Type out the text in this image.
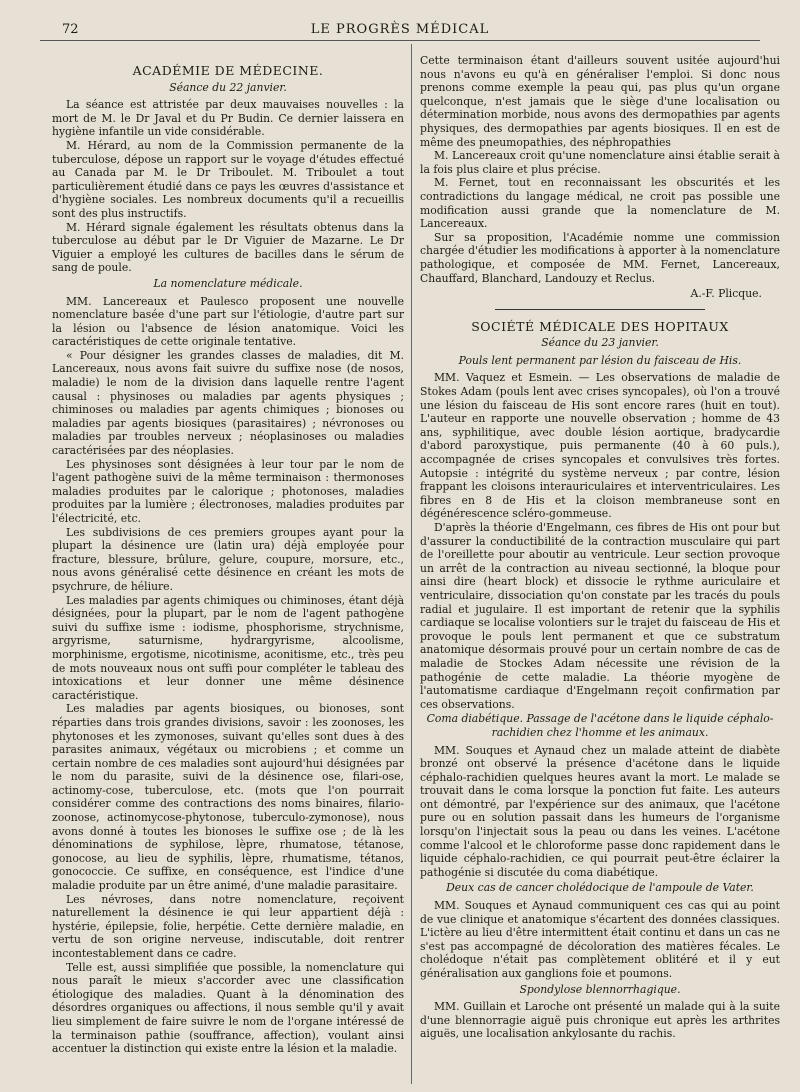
72	LE PROGRÈS MÉDICAL
ACADÉMIE DE MÉDECINE.
Séance du 22 janvier.

La séance est attristée par deux mauvaises nouvelles : la mort de M. le Dr Javal et du Pr Budin. Ce dernier laissera en hygiène infantile un vide considérable.

M. Hérard, au nom de la Commission permanente de la tuberculose, dépose un rapport sur le voyage d'études effectué au Canada par M. le Dr Triboulet. M. Triboulet a tout particulièrement étudié dans ce pays les œuvres d'assistance et d'hygiène sociales. Les nombreux documents qu'il a recueillis sont des plus instructifs.

M. Hérard signale également les résultats obtenus dans la tuberculose au début par le Dr Viguier de Mazarne. Le Dr Viguier a employé les cultures de bacilles dans le sérum de sang de poule.

La nomenclature médicale.

MM. Lancereaux et Paulesco proposent une nouvelle nomenclature basée d'une part sur l'étiologie, d'autre part sur la lésion ou l'absence de lésion anatomique. Voici les caractéristiques de cette originale tentative.

« Pour désigner les grandes classes de maladies, dit M. Lancereaux, nous avons fait suivre du suffixe nose (de nosos, maladie) le nom de la division dans laquelle rentre l'agent causal : physinoses ou maladies par agents physiques ; chiminoses ou maladies par agents chimiques ; bionoses ou maladies par agents biosiques (parasitaires) ; névronoses ou maladies par troubles nerveux ; néoplasinoses ou maladies caractérisées par des néoplasies.

Les physinoses sont désignées à leur tour par le nom de l'agent pathogène suivi de la même terminaison : thermonoses maladies produites par le calorique ; photonoses, maladies produites par la lumière ; électronoses, maladies produites par l'électricité, etc.

Les subdivisions de ces premiers groupes ayant pour la plupart la désinence ure (latin ura) déjà employée pour fracture, blessure, brûlure, gelure, coupure, morsure, etc., nous avons généralisé cette désinence en créant les mots de psychrure, de héliure.

Les maladies par agents chimiques ou chiminoses, étant déjà désignées, pour la plupart, par le nom de l'agent pathogène suivi du suffixe isme : iodisme, phosphorisme, strychnisme, argyrisme, saturnisme, hydrargyrisme, alcoolisme, morphinisme, ergotisme, nicotinisme, aconitisme, etc., très peu de mots nouveaux nous ont suffi pour compléter le tableau des intoxications et leur donner une même désinence caractéristique.

Les maladies par agents biosiques, ou bionoses, sont réparties dans trois grandes divisions, savoir : les zoonoses, les phytonoses et les zymonoses, suivant qu'elles sont dues à des parasites animaux, végétaux ou microbiens ; et comme un certain nombre de ces maladies sont aujourd'hui désignées par le nom du parasite, suivi de la désinence ose, filari-ose, actinomy-cose, tuberculose, etc. (mots que l'on pourrait considérer comme des contractions des noms binaires, filario-zoonose, actinomycose-phytonose, tuberculo-zymonose), nous avons donné à toutes les bionoses le suffixe ose ; de là les dénominations de syphilose, lèpre, rhumatose, tétanose, gonocose, au lieu de syphilis, lèpre, rhumatisme, tétanos, gonococcie. Ce suffixe, en conséquence, est l'indice d'une maladie produite par un être animé, d'une maladie parasitaire.

Les névroses, dans notre nomenclature, reçoivent naturellement la désinence ie qui leur appartient déjà : hystérie, épilepsie, folie, herpétie. Cette dernière maladie, en vertu de son origine nerveuse, indiscutable, doit rentrer incontestablement dans ce cadre.

Telle est, aussi simplifiée que possible, la nomenclature qui nous paraît le mieux s'accorder avec une classification étiologique des maladies. Quant à la dénomination des désordres organiques ou affections, il nous semble qu'il y avait lieu simplement de faire suivre le nom de l'organe intéressé de la terminaison pathie (souffrance, affection), voulant ainsi accentuer la distinction qui existe entre la lésion et la maladie.

Cette terminaison étant d'ailleurs souvent usitée aujourd'hui nous n'avons eu qu'à en généraliser l'emploi. Si donc nous prenons comme exemple la peau qui, pas plus qu'un organe quelconque, n'est jamais que le siège d'une localisation ou détermination morbide, nous avons des dermopathies par agents physiques, des dermopathies par agents biosiques. Il en est de même des pneumopathies, des néphropathies

M. Lancereaux croit qu'une nomenclature ainsi établie serait à la fois plus claire et plus précise.

M. Fernet, tout en reconnaissant les obscurités et les contradictions du langage médical, ne croit pas possible une modification aussi grande que la nomenclature de M. Lancereaux.

Sur sa proposition, l'Académie nomme une commission chargée d'étudier les modifications à apporter à la nomenclature pathologique, et composée de MM. Fernet, Lancereaux, Chauffard, Blanchard, Landouzy et Reclus.

A.-F. Plicque.
SOCIÉTÉ MÉDICALE DES HOPITAUX
Séance du 23 janvier.
Pouls lent permanent par lésion du faisceau de His.

MM. Vaquez et Esmein. — Les observations de maladie de Stokes Adam (pouls lent avec crises syncopales), où l'on a trouvé une lésion du faisceau de His sont encore rares (huit en tout). L'auteur en rapporte une nouvelle observation ; homme de 43 ans, syphilitique, avec double lésion aortique, bradycardie d'abord paroxystique, puis permanente (40 à 60 puls.), accompagnée de crises syncopales et convulsives très fortes. Autopsie : intégrité du système nerveux ; par contre, lésion frappant les cloisons interauriculaires et interventriculaires. Les fibres en 8 de His et la cloison membraneuse sont en dégénérescence scléro-gommeuse.

D'après la théorie d'Engelmann, ces fibres de His ont pour but d'assurer la conductibilité de la contraction musculaire qui part de l'oreillette pour aboutir au ventricule. Leur section provoque un arrêt de la contraction au niveau sectionné, la bloque pour ainsi dire (heart block) et dissocie le rythme auriculaire et ventriculaire, dissociation qu'on constate par les tracés du pouls radial et jugulaire. Il est important de retenir que la syphilis cardiaque se localise volontiers sur le trajet du faisceau de His et provoque le pouls lent permanent et que ce substratum anatomique désormais prouvé pour un certain nombre de cas de maladie de Stockes Adam nécessite une révision de la pathogénie de cette maladie. La théorie myogène de l'automatisme cardiaque d'Engelmann reçoit confirmation par ces observations.

Coma diabétique. Passage de l'acétone dans le liquide céphalo-rachidien chez l'homme et les animaux.

MM. Souques et Aynaud chez un malade atteint de diabète bronzé ont observé la présence d'acétone dans le liquide céphalo-rachidien quelques heures avant la mort. Le malade se trouvait dans le coma lorsque la ponction fut faite. Les auteurs ont démontré, par l'expérience sur des animaux, que l'acétone pure ou en solution passait dans les humeurs de l'organisme lorsqu'on l'injectait sous la peau ou dans les veines. L'acétone comme l'alcool et le chloroforme passe donc rapidement dans le liquide céphalo-rachidien, ce qui pourrait peut-être éclairer la pathogénie si discutée du coma diabétique.

Deux cas de cancer cholédocique de l'ampoule de Vater.

MM. Souques et Aynaud communiquent ces cas qui au point de vue clinique et anatomique s'écartent des données classiques. L'ictère au lieu d'être intermittent était continu et dans un cas ne s'est pas accompagné de décoloration des matières fécales. Le cholédoque n'était pas complètement oblitéré et il y eut généralisation aux ganglions foie et poumons.

Spondylose blennorrhagique.

MM. Guillain et Laroche ont présenté un malade qui à la suite d'une blennorragie aiguë puis chronique eut après les arthrites aiguës, une localisation ankylosante du rachis.
